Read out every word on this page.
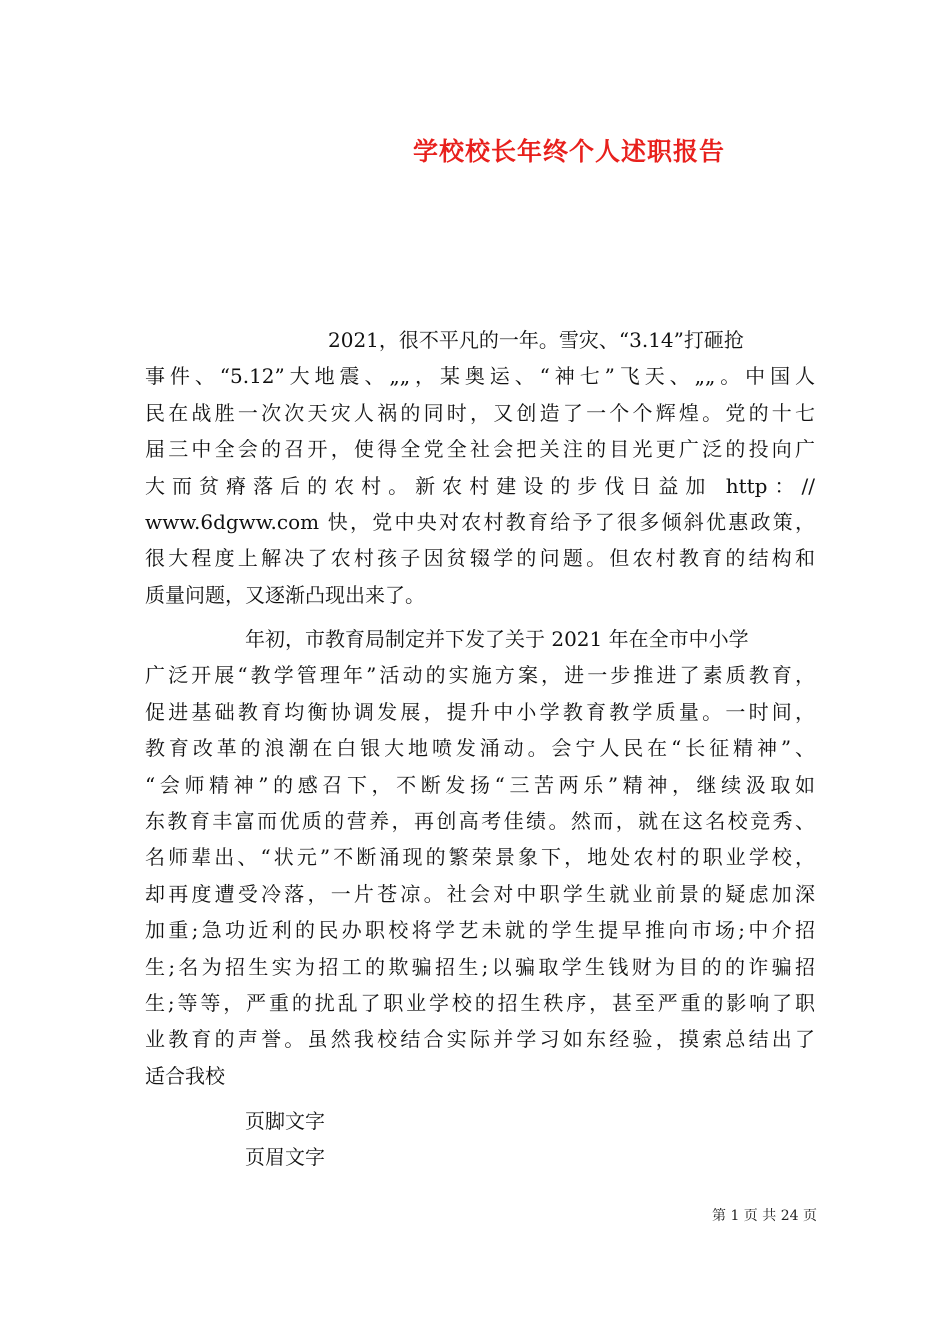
学校校长年终个人述职报告
2021，很不平凡的一年。雪灾、“3.14”打砸抢
事件、“5.12”大地震、„„，某奥运、“神七”飞天、„„。中国人
民在战胜一次次天灾人祸的同时，又创造了一个个辉煌。党的十七
届三中全会的召开，使得全党全社会把关注的目光更广泛的投向广
大而贫瘠落后的农村。新农村建设的步伐日益加 http：//
www.6dgww.com 快，党中央对农村教育给予了很多倾斜优惠政策，
很大程度上解决了农村孩子因贫辍学的问题。但农村教育的结构和
质量问题，又逐渐凸现出来了。
年初，市教育局制定并下发了关于 2021 年在全市中小学
广泛开展“教学管理年”活动的实施方案，进一步推进了素质教育，
促进基础教育均衡协调发展，提升中小学教育教学质量。一时间，
教育改革的浪潮在白银大地喷发涌动。会宁人民在“长征精神”、
“会师精神”的感召下，不断发扬“三苦两乐”精神，继续汲取如
东教育丰富而优质的营养，再创高考佳绩。然而，就在这名校竞秀、
名师辈出、“状元”不断涌现的繁荣景象下，地处农村的职业学校，
却再度遭受冷落，一片苍凉。社会对中职学生就业前景的疑虑加深
加重;急功近利的民办职校将学艺未就的学生提早推向市场;中介招
生;名为招生实为招工的欺骗招生;以骗取学生钱财为目的的诈骗招
生;等等，严重的扰乱了职业学校的招生秩序，甚至严重的影响了职
业教育的声誉。虽然我校结合实际并学习如东经验，摸索总结出了
适合我校
页脚文字
页眉文字
第 1 页 共 24 页
